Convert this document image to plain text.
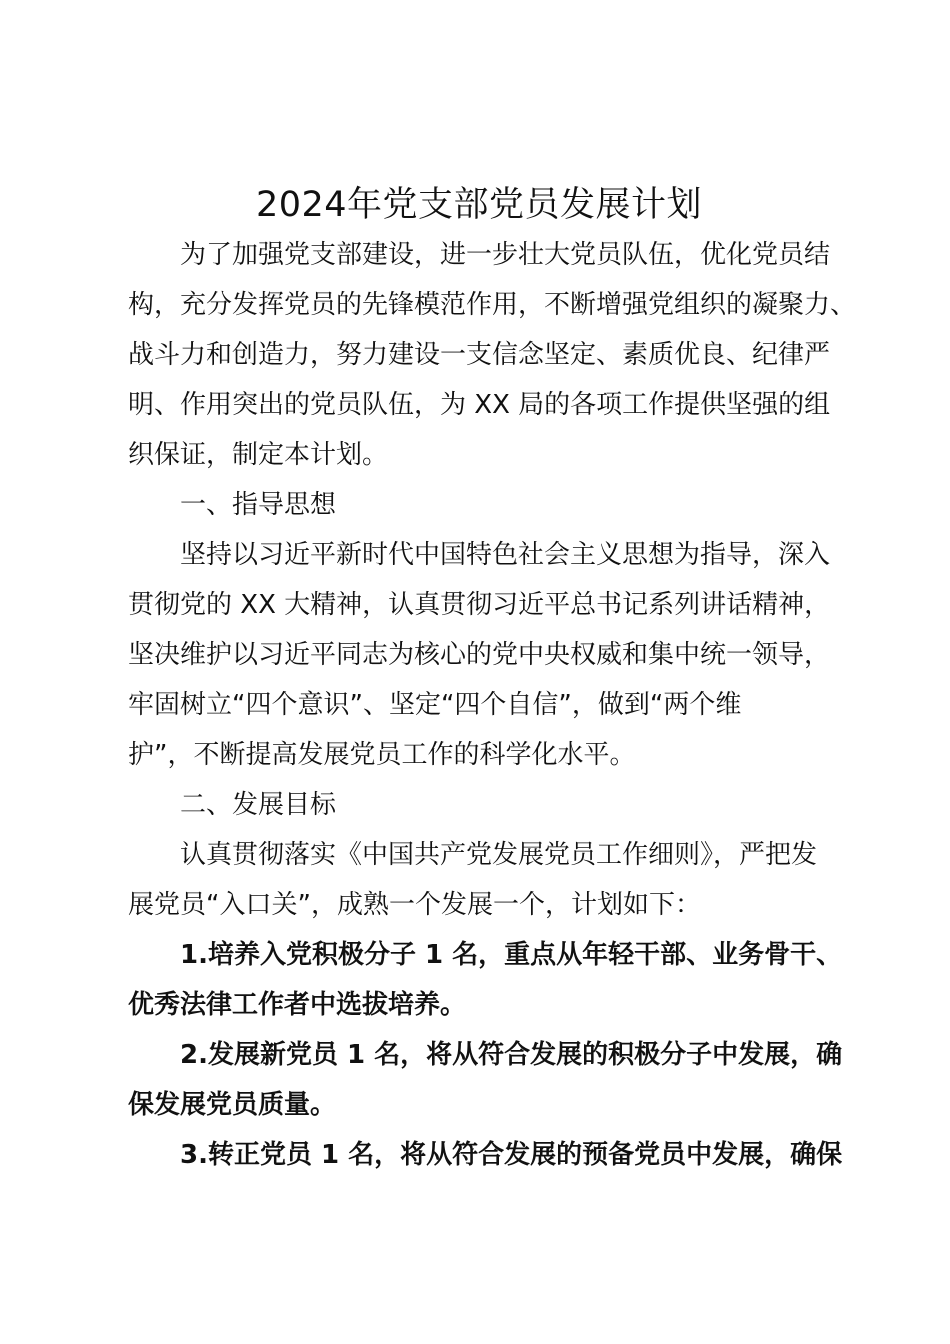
2024年党支部党员发展计划
为了加强党支部建设，进一步壮大党员队伍，优化党员结
构，充分发挥党员的先锋模范作用，不断增强党组织的凝聚力、
战斗力和创造力，努力建设一支信念坚定、素质优良、纪律严
明、作用突出的党员队伍，为 XX 局的各项工作提供坚强的组
织保证，制定本计划。
一、指导思想
坚持以习近平新时代中国特色社会主义思想为指导，深入
贯彻党的 XX 大精神，认真贯彻习近平总书记系列讲话精神，
坚决维护以习近平同志为核心的党中央权威和集中统一领导，
牢固树立“四个意识”、坚定“四个自信”，做到“两个维
护”，不断提高发展党员工作的科学化水平。
二、发展目标
认真贯彻落实《中国共产党发展党员工作细则》，严把发
展党员“入口关”，成熟一个发展一个，计划如下：
1.培养入党积极分子 1 名，重点从年轻干部、业务骨干、
优秀法律工作者中选拔培养。
2.发展新党员 1 名，将从符合发展的积极分子中发展，确
保发展党员质量。
3.转正党员 1 名，将从符合发展的预备党员中发展，确保
